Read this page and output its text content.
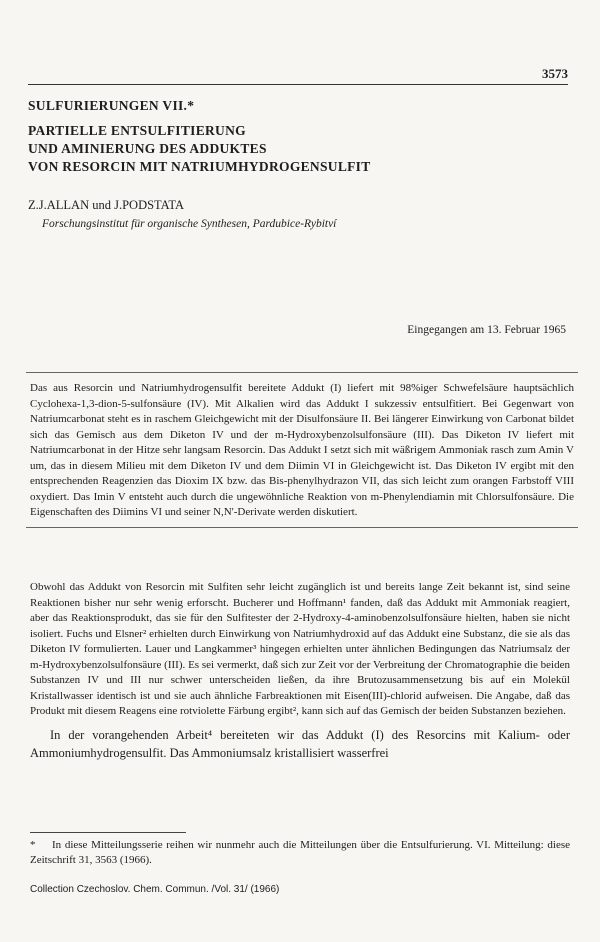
3573
SULFURIERUNGEN VII.*
PARTIELLE ENTSULFITIERUNG
UND AMINIERUNG DES ADDUKTES
VON RESORCIN MIT NATRIUMHYDROGENSULFIT
Z.J.ALLAN und J.PODSTATA
Forschungsinstitut für organische Synthesen, Pardubice-Rybitví
Eingegangen am 13. Februar 1965
Das aus Resorcin und Natriumhydrogensulfit bereitete Addukt (I) liefert mit 98%iger Schwefelsäure hauptsächlich Cyclohexa-1,3-dion-5-sulfonsäure (IV). Mit Alkalien wird das Addukt I sukzessiv entsulfitiert. Bei Gegenwart von Natriumcarbonat steht es in raschem Gleichgewicht mit der Disulfonsäure II. Bei längerer Einwirkung von Carbonat bildet sich das Gemisch aus dem Diketon IV und der m-Hydroxybenzolsulfonsäure (III). Das Diketon IV liefert mit Natriumcarbonat in der Hitze sehr langsam Resorcin. Das Addukt I setzt sich mit wäßrigem Ammoniak rasch zum Amin V um, das in diesem Milieu mit dem Diketon IV und dem Diimin VI in Gleichgewicht ist. Das Diketon IV ergibt mit den entsprechenden Reagenzien das Dioxim IX bzw. das Bis-phenylhydrazon VII, das sich leicht zum orangen Farbstoff VIII oxydiert. Das Imin V entsteht auch durch die ungewöhnliche Reaktion von m-Phenylendiamin mit Chlorsulfonsäure. Die Eigenschaften des Diimins VI und seiner N,N'-Derivate werden diskutiert.

Obwohl das Addukt von Resorcin mit Sulfiten sehr leicht zugänglich ist und bereits lange Zeit bekannt ist, sind seine Reaktionen bisher nur sehr wenig erforscht. Bucherer und Hoffmann¹ fanden, daß das Addukt mit Ammoniak reagiert, aber das Reaktionsprodukt, das sie für den Sulfitester der 2-Hydroxy-4-aminobenzolsulfonsäure hielten, haben sie nicht isoliert. Fuchs und Elsner² erhielten durch Einwirkung von Natriumhydroxid auf das Addukt eine Substanz, die sie als das Diketon IV formulierten. Lauer und Langkammer³ hingegen erhielten unter ähnlichen Bedingungen das Natriumsalz der m-Hydroxybenzolsulfonsäure (III). Es sei vermerkt, daß sich zur Zeit vor der Verbreitung der Chromatographie die beiden Substanzen IV und III nur schwer unterscheiden ließen, da ihre Brutozusammensetzung bis auf ein Molekül Kristallwasser identisch ist und sie auch ähnliche Farbreaktionen mit Eisen(III)-chlorid aufweisen. Die Angabe, daß das Produkt mit diesem Reagens eine rotviolette Färbung ergibt², kann sich auf das Gemisch der beiden Substanzen beziehen.

In der vorangehenden Arbeit⁴ bereiteten wir das Addukt (I) des Resorcins mit Kalium- oder Ammoniumhydrogensulfit. Das Ammoniumsalz kristallisiert wasserfrei

* In diese Mitteilungsserie reihen wir nunmehr auch die Mitteilungen über die Entsulfurierung. VI. Mitteilung: diese Zeitschrift 31, 3563 (1966).
Collection Czechoslov. Chem. Commun. /Vol. 31/ (1966)
